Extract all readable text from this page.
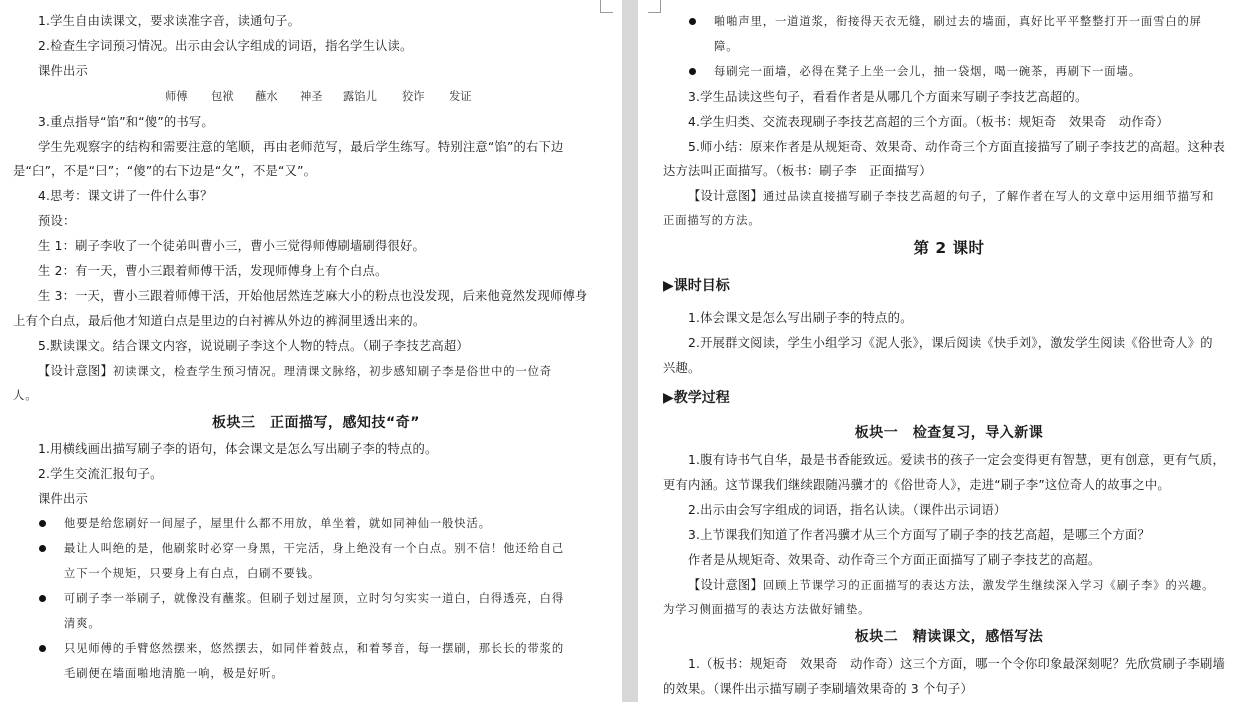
1.学生自由读课文，要求读准字音，读通句子。
2.检查生字词预习情况。出示由会认字组成的词语，指名学生认读。
课件出示
师傅 包袱 蘸水 神圣 露馅儿 狡诈 发证
3.重点指导“馅”和“傻”的书写。
学生先观察字的结构和需要注意的笔顺，再由老师范写，最后学生练写。特别注意“馅”的右下边
是“臼”，不是“曰”；“傻”的右下边是“夂”，不是“又”。
4.思考：课文讲了一件什么事？
预设：
生 1：刷子李收了一个徒弟叫曹小三，曹小三觉得师傅刷墙刷得很好。
生 2：有一天，曹小三跟着师傅干活，发现师傅身上有个白点。
生 3：一天，曹小三跟着师傅干活，开始他居然连芝麻大小的粉点也没发现，后来他竟然发现师傅身
上有个白点，最后他才知道白点是里边的白衬裤从外边的裤洞里透出来的。
5.默读课文。结合课文内容，说说刷子李这个人物的特点。（刷子李技艺高超）
【设计意图】初读课文，检查学生预习情况。理清课文脉络，初步感知刷子李是俗世中的一位奇
人。
板块三　正面描写，感知技“奇”
1.用横线画出描写刷子李的语句，体会课文是怎么写出刷子李的特点的。
2.学生交流汇报句子。
课件出示
他要是给您刷好一间屋子，屋里什么都不用放，单坐着，就如同神仙一般快活。
最让人叫绝的是，他刷浆时必穿一身黑，干完活，身上绝没有一个白点。别不信！他还给自己
立下一个规矩，只要身上有白点，白刷不要钱。
可刷子李一举刷子，就像没有蘸浆。但刷子划过屋顶，立时匀匀实实一道白，白得透亮，白得
清爽。
只见师傅的手臂悠然摆来，悠然摆去，如同伴着鼓点，和着琴音，每一摆刷，那长长的带浆的
毛刷便在墙面啪地清脆一响，极是好听。
啪啪声里，一道道浆，衔接得天衣无缝，刷过去的墙面，真好比平平整整打开一面雪白的屏
障。
每刷完一面墙，必得在凳子上坐一会儿，抽一袋烟，喝一碗茶，再刷下一面墙。
3.学生品读这些句子，看看作者是从哪几个方面来写刷子李技艺高超的。
4.学生归类、交流表现刷子李技艺高超的三个方面。（板书：规矩奇　效果奇　动作奇）
5.师小结：原来作者是从规矩奇、效果奇、动作奇三个方面直接描写了刷子李技艺的高超。这种表
达方法叫正面描写。（板书：刷子李　正面描写）
【设计意图】通过品读直接描写刷子李技艺高超的句子，了解作者在写人的文章中运用细节描写和
正面描写的方法。
第 2 课时
▶课时目标
1.体会课文是怎么写出刷子李的特点的。
2.开展群文阅读，学生小组学习《泥人张》，课后阅读《快手刘》，激发学生阅读《俗世奇人》的
兴趣。
▶教学过程
板块一　检查复习，导入新课
1.腹有诗书气自华，最是书香能致远。爱读书的孩子一定会变得更有智慧，更有创意，更有气质，
更有内涵。这节课我们继续跟随冯骥才的《俗世奇人》，走进“刷子李”这位奇人的故事之中。
2.出示由会写字组成的词语，指名认读。（课件出示词语）
3.上节课我们知道了作者冯骥才从三个方面写了刷子李的技艺高超，是哪三个方面？
作者是从规矩奇、效果奇、动作奇三个方面正面描写了刷子李技艺的高超。
【设计意图】回顾上节课学习的正面描写的表达方法，激发学生继续深入学习《刷子李》的兴趣。
为学习侧面描写的表达方法做好铺垫。
板块二　精读课文，感悟写法
1.（板书：规矩奇　效果奇　动作奇）这三个方面，哪一个令你印象最深刻呢？先欣赏刷子李刷墙
的效果。（课件出示描写刷子李刷墙效果奇的 3 个句子）
